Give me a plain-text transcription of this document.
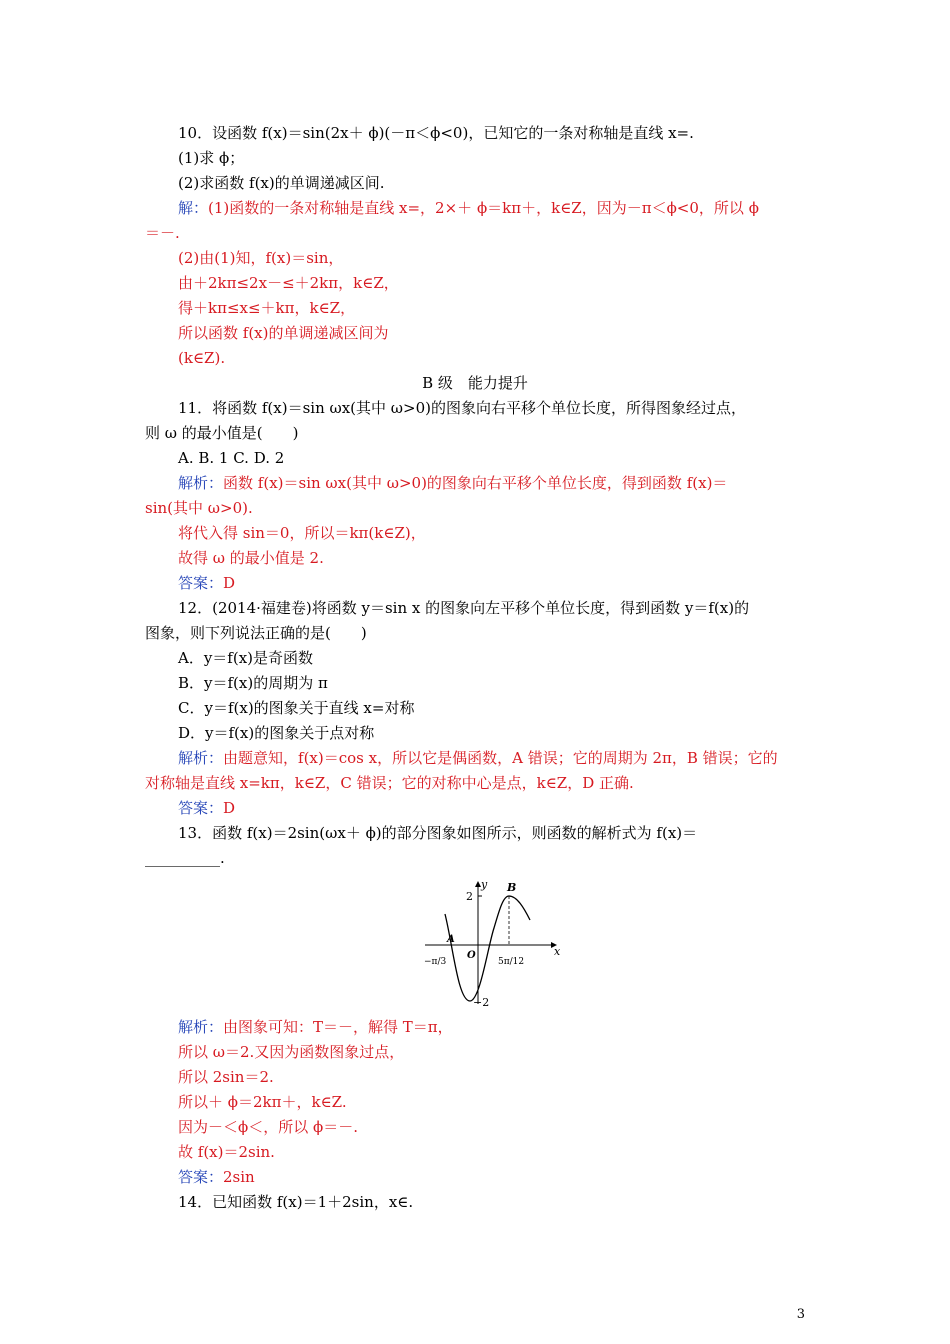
10．设函数 f(x)＝sin(2x＋ ϕ)(－π＜ϕ<0)，已知它的一条对称轴是直线 x=.
(1)求 ϕ；
(2)求函数 f(x)的单调递减区间.
解：(1)函数的一条对称轴是直线 x=，2×＋ ϕ＝kπ＋，k∈Z，因为－π＜ϕ<0，所以 ϕ
＝－.
(2)由(1)知，f(x)＝sin，
由＋2kπ≤2x－≤＋2kπ，k∈Z，
得＋kπ≤x≤＋kπ，k∈Z，
所以函数 f(x)的单调递减区间为
(k∈Z).
B 级　能力提升
11．将函数 f(x)＝sin ωx(其中 ω>0)的图象向右平移个单位长度，所得图象经过点，
则 ω 的最小值是(　　)
A. B. 1 C. D. 2
解析：函数 f(x)＝sin ωx(其中 ω>0)的图象向右平移个单位长度，得到函数 f(x)＝
sin(其中 ω>0).
将代入得 sin＝0，所以＝kπ(k∈Z)，
故得 ω 的最小值是 2.
答案：D
12．(2014·福建卷)将函数 y＝sin x 的图象向左平移个单位长度，得到函数 y＝f(x)的
图象，则下列说法正确的是(　　)
A．y＝f(x)是奇函数
B．y＝f(x)的周期为 π
C．y＝f(x)的图象关于直线 x=对称
D．y＝f(x)的图象关于点对称
解析：由题意知，f(x)＝cos x，所以它是偶函数，A 错误；它的周期为 2π，B 错误；它的
对称轴是直线 x=kπ，k∈Z，C 错误；它的对称中心是点，k∈Z，D 正确.
答案：D
13．函数 f(x)＝2sin(ωx＋ ϕ)的部分图象如图所示，则函数的解析式为 f(x)＝
__________.
y
x
2
B
A
O
−π/3	5π/12
−2
解析：由图象可知：T＝－，解得 T＝π，
所以 ω＝2.又因为函数图象过点，
所以 2sin＝2.
所以＋ ϕ＝2kπ＋，k∈Z.
因为－＜ϕ＜，所以 ϕ＝－.
故 f(x)＝2sin.
答案：2sin
14．已知函数 f(x)＝1＋2sin，x∈.
3
